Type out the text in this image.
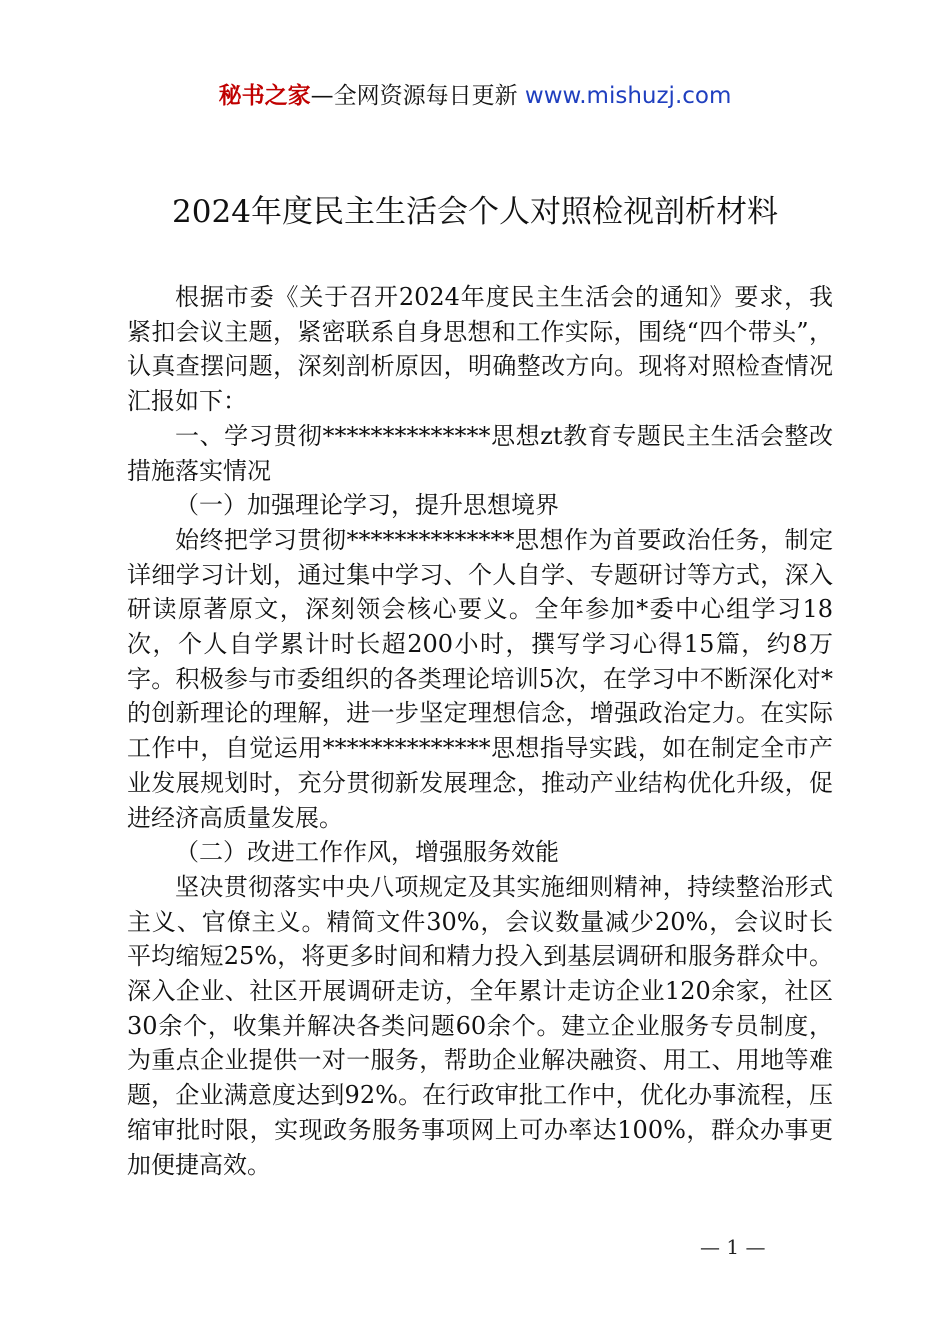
秘书之家—全网资源每日更新 www.mishuzj.com
2024年度民主生活会个人对照检视剖析材料

根据市委《关于召开2024年度民主生活会的通知》要求，我紧扣会议主题，紧密联系自身思想和工作实际，围绕“四个带头”，认真查摆问题，深刻剖析原因，明确整改方向。现将对照检查情况汇报如下：

一、学习贯彻**************思想zt教育专题民主生活会整改措施落实情况

（一）加强理论学习，提升思想境界

始终把学习贯彻**************思想作为首要政治任务，制定详细学习计划，通过集中学习、个人自学、专题研讨等方式，深入研读原著原文，深刻领会核心要义。全年参加*委中心组学习18次，个人自学累计时长超200小时，撰写学习心得15篇，约8万字。积极参与市委组织的各类理论培训5次，在学习中不断深化对*的创新理论的理解，进一步坚定理想信念，增强政治定力。在实际工作中，自觉运用**************思想指导实践，如在制定全市产业发展规划时，充分贯彻新发展理念，推动产业结构优化升级，促进经济高质量发展。

（二）改进工作作风，增强服务效能

坚决贯彻落实中央八项规定及其实施细则精神，持续整治形式主义、官僚主义。精简文件30%，会议数量减少20%，会议时长平均缩短25%，将更多时间和精力投入到基层调研和服务群众中。深入企业、社区开展调研走访，全年累计走访企业120余家，社区30余个，收集并解决各类问题60余个。建立企业服务专员制度，为重点企业提供一对一服务，帮助企业解决融资、用工、用地等难题，企业满意度达到92%。在行政审批工作中，优化办事流程，压缩审批时限，实现政务服务事项网上可办率达100%，群众办事更加便捷高效。

— 1 —
